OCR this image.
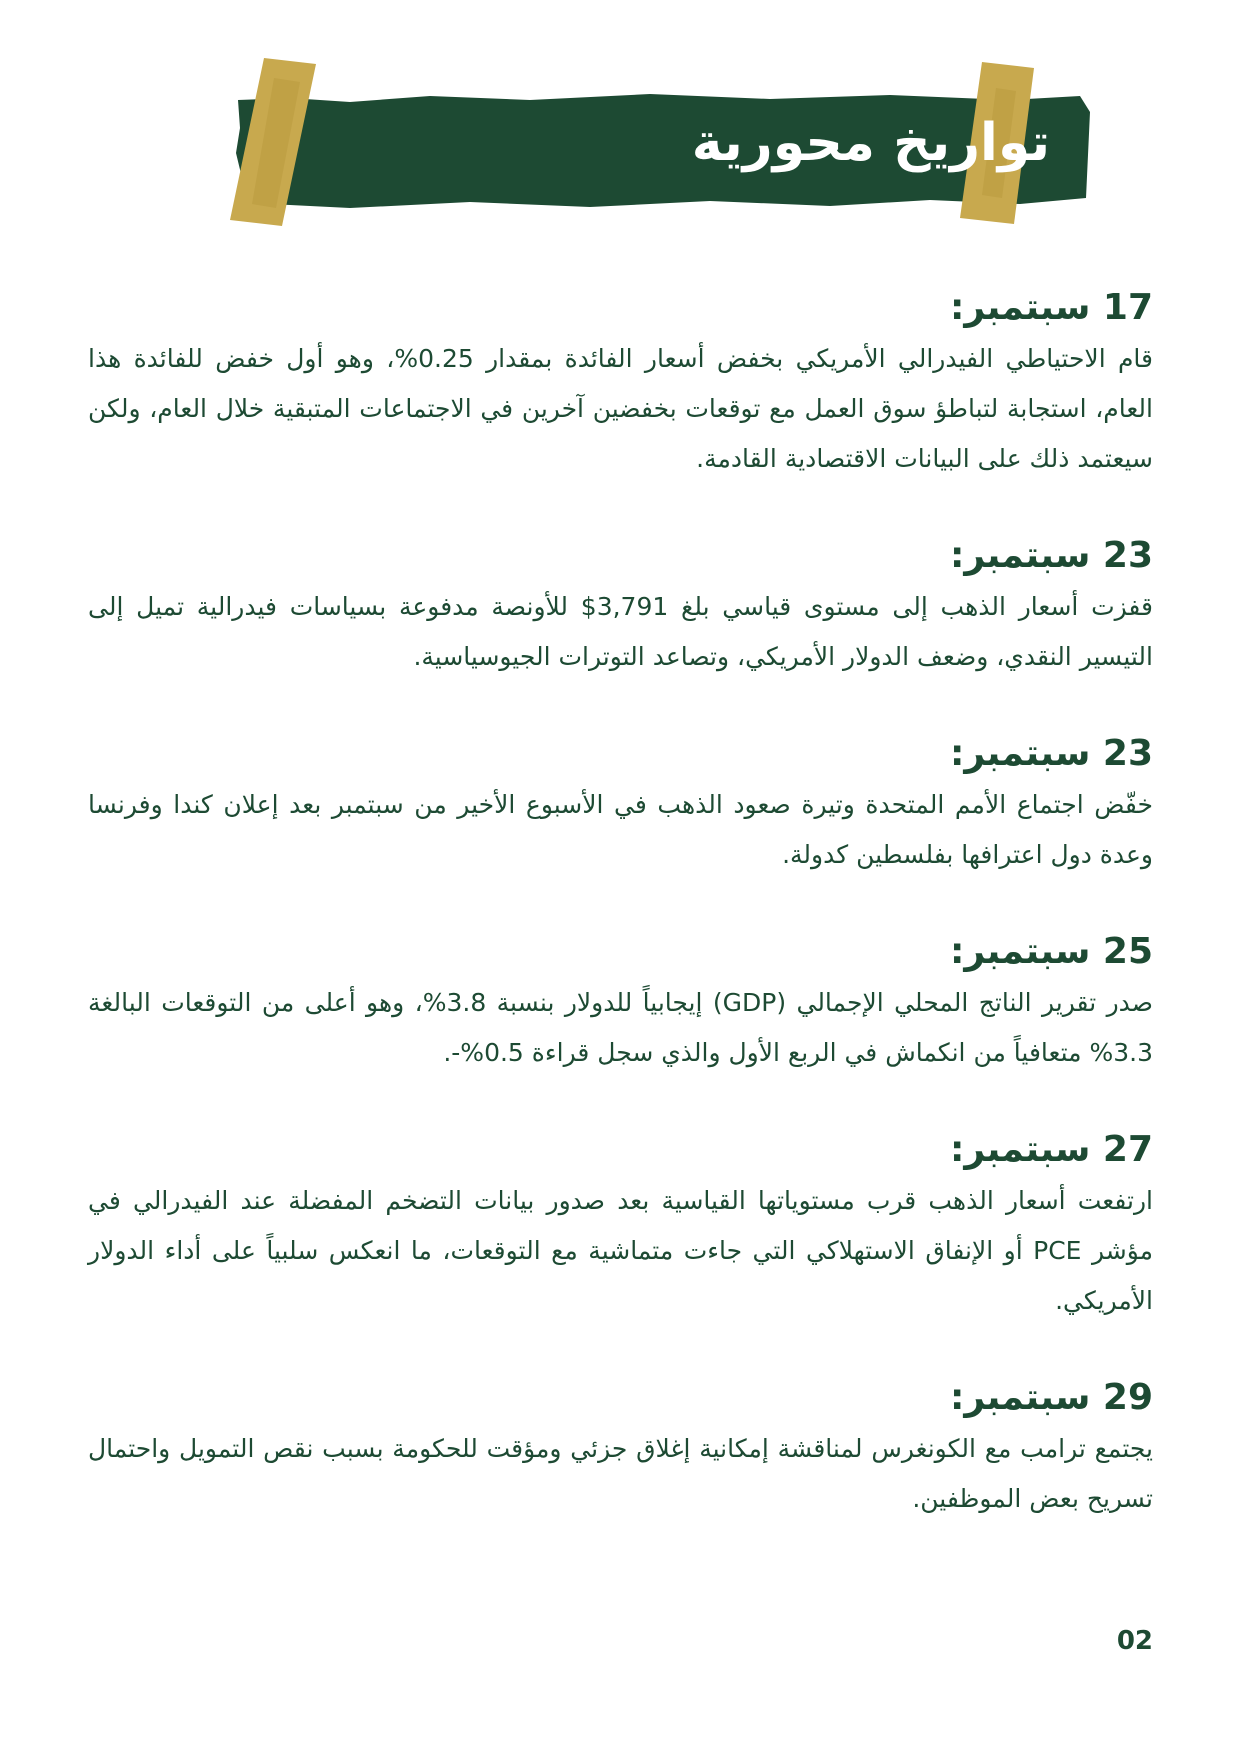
تواريخ محورية
17 سبتمبر:

قام الاحتياطي الفيدرالي الأمريكي بخفض أسعار الفائدة بمقدار 0.25%، وهو أول خفض للفائدة هذا العام، استجابة لتباطؤ سوق العمل مع توقعات بخفضين آخرين في الاجتماعات المتبقية خلال العام، ولكن سيعتمد ذلك على البيانات الاقتصادية القادمة.

23 سبتمبر:

قفزت أسعار الذهب إلى مستوى قياسي بلغ 3,791$ للأونصة مدفوعة بسياسات فيدرالية تميل إلى التيسير النقدي، وضعف الدولار الأمريكي، وتصاعد التوترات الجيوسياسية.

23 سبتمبر:

خفّض اجتماع الأمم المتحدة وتيرة صعود الذهب في الأسبوع الأخير من سبتمبر بعد إعلان كندا وفرنسا وعدة دول اعترافها بفلسطين كدولة.

25 سبتمبر:

صدر تقرير الناتج المحلي الإجمالي (GDP) إيجابياً للدولار بنسبة 3.8%، وهو أعلى من التوقعات البالغة 3.3% متعافياً من انكماش في الربع الأول والذي سجل قراءة 0.5%-.

27 سبتمبر:

ارتفعت أسعار الذهب قرب مستوياتها القياسية بعد صدور بيانات التضخم المفضلة عند الفيدرالي في مؤشر PCE أو الإنفاق الاستهلاكي التي جاءت متماشية مع التوقعات، ما انعكس سلبياً على أداء الدولار الأمريكي.

29 سبتمبر:

يجتمع ترامب مع الكونغرس لمناقشة إمكانية إغلاق جزئي ومؤقت للحكومة بسبب نقص التمويل واحتمال تسريح بعض الموظفين.

02
